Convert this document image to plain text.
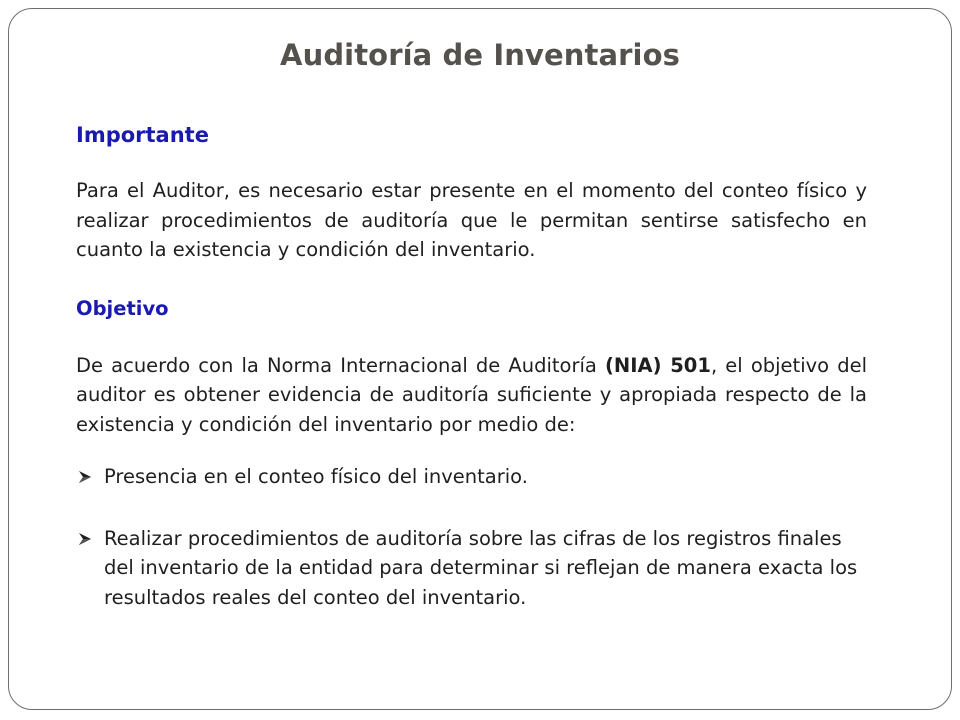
Auditoría de Inventarios
Importante

Para el Auditor, es necesario estar presente en el momento del conteo físico y realizar procedimientos de auditoría que le permitan sentirse satisfecho en cuanto la existencia y condición del inventario.

Objetivo

De acuerdo con la Norma Internacional de Auditoría (NIA) 501, el objetivo del auditor es obtener evidencia de auditoría suficiente y apropiada respecto de la existencia y condición del inventario por medio de:

Presencia en el conteo físico del inventario.
Realizar procedimientos de auditoría sobre las cifras de los registros finales del inventario de la entidad para determinar si reflejan de manera exacta los resultados reales del conteo del inventario.
